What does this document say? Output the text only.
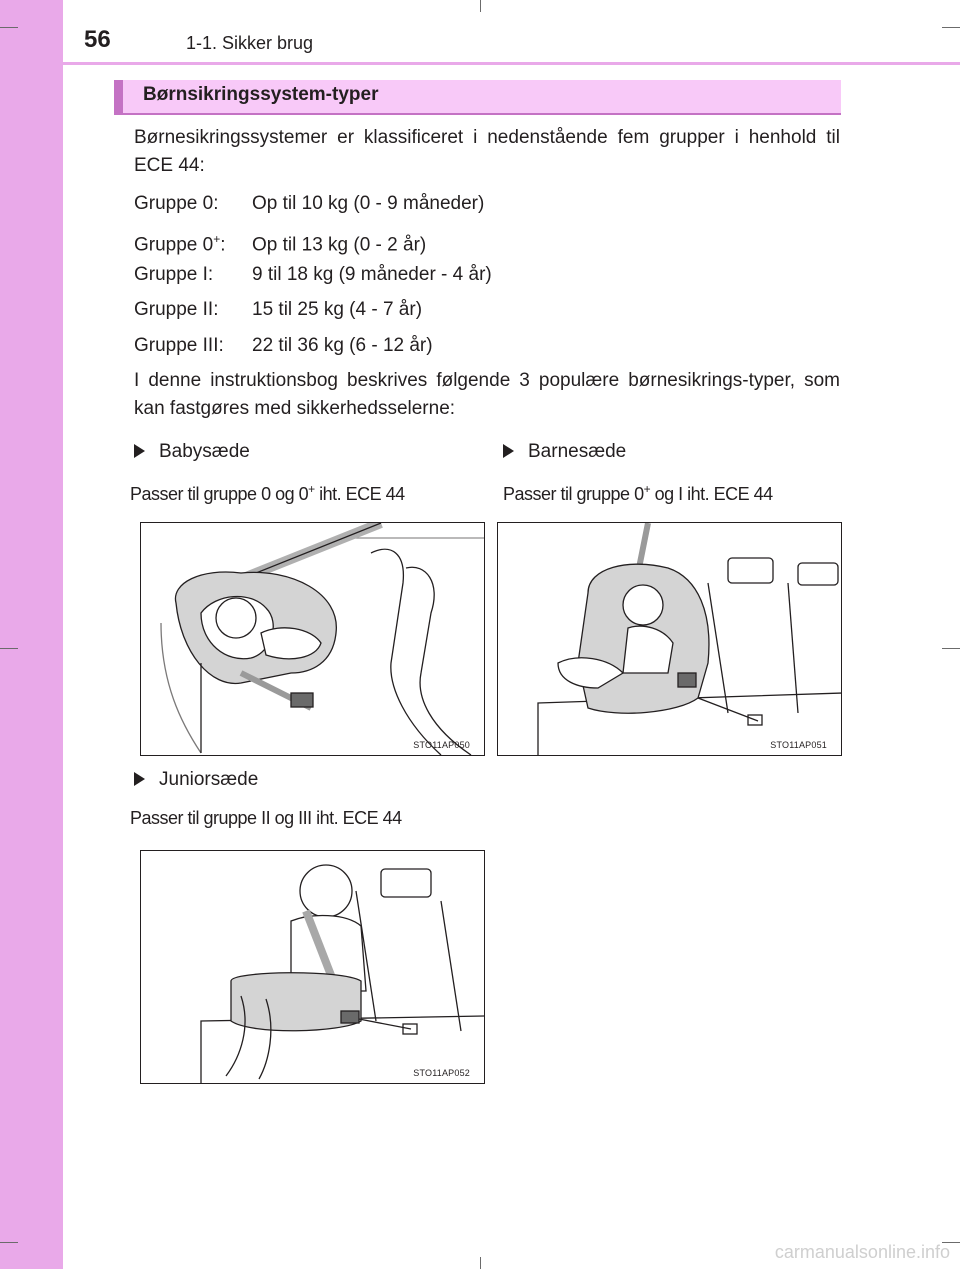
56	1-1. Sikker brug
Børnsikringssystem-typer
Børnesikringssystemer er klassificeret i nedenstående fem grupper i henhold til ECE 44:
Gruppe 0: Op til 10 kg (0 - 9 måneder)
Gruppe 0+: Op til 13 kg (0 - 2 år)
Gruppe I: 9 til 18 kg (9 måneder - 4 år)
Gruppe II: 15 til 25 kg (4 - 7 år)
Gruppe III: 22 til 36 kg (6 - 12 år)
I denne instruktionsbog beskrives følgende 3 populære børnesikrings-typer, som kan fastgøres med sikkerhedsselerne:
Babysæde	Barnesæde
Passer til gruppe 0 og 0+ iht. ECE 44	Passer til gruppe 0+ og I iht. ECE 44
STO11AP050	STO11AP051
Juniorsæde
Passer til gruppe II og III iht. ECE 44
STO11AP052
carmanualsonline.info
